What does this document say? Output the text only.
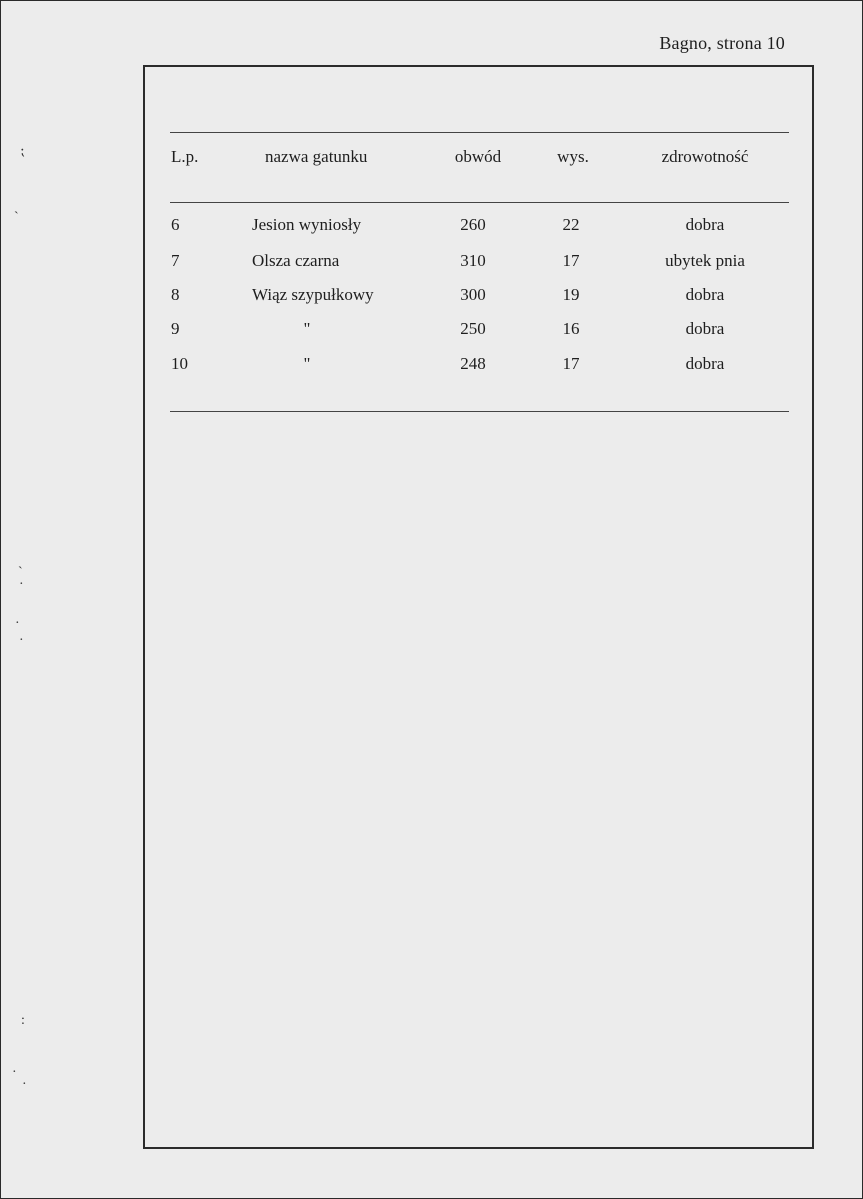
Bagno, strona 10
L.p.	nazwa gatunku	obwód	wys.	zdrowotność
6	Jesion wyniosły	260	22	dobra
7	Olsza czarna	310	17	ubytek pnia
8	Wiąz szypułkowy	300	19	dobra
9	"	250	16	dobra
10	"	248	17	dobra
⁏
˴
˴
·
·
·
:
·
·
